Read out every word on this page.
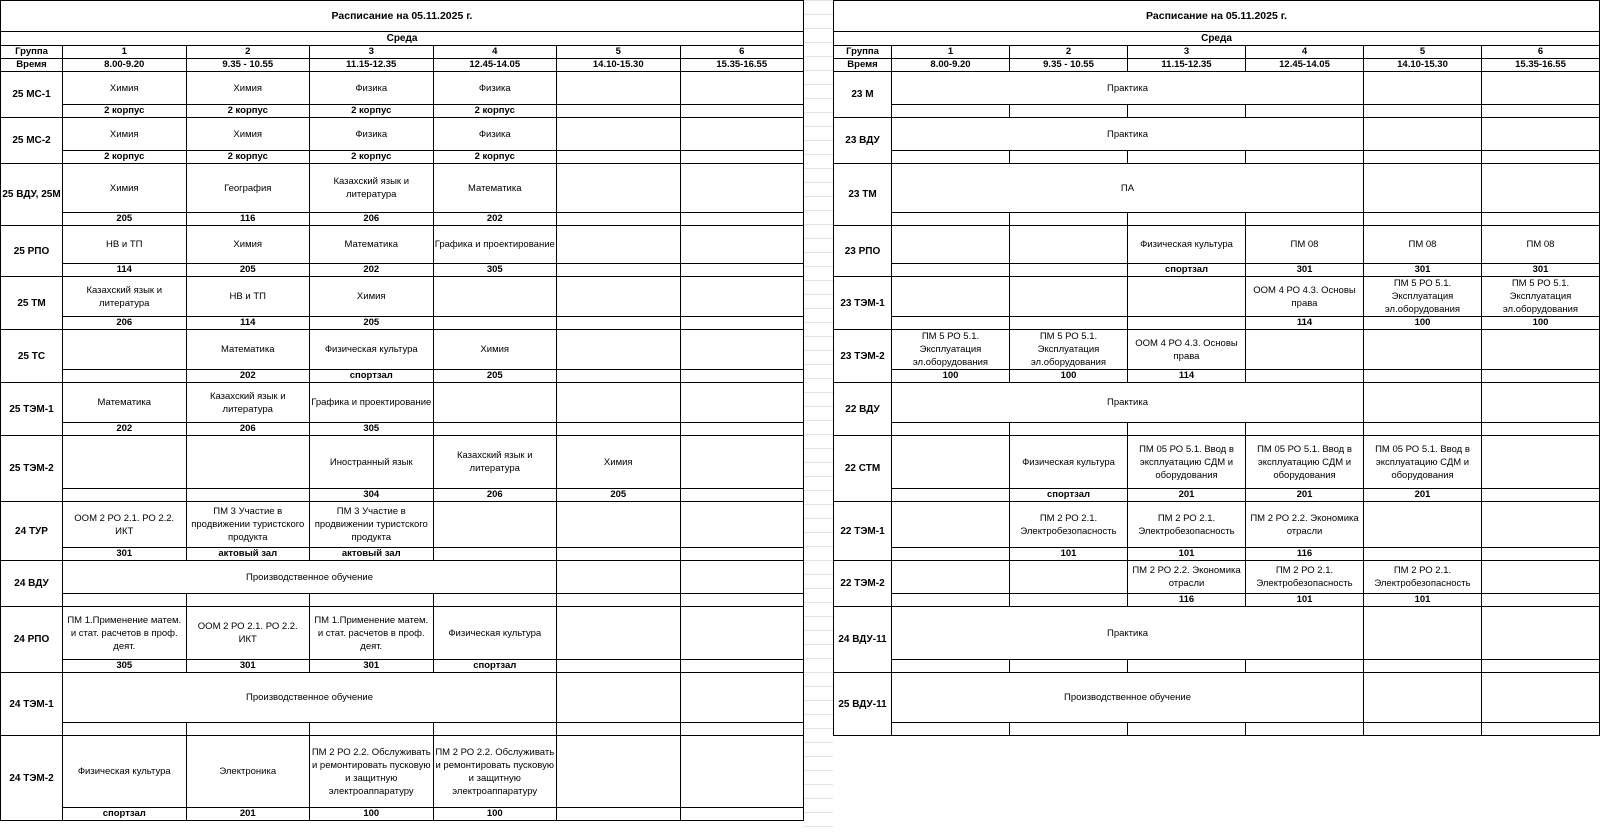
Расписание на 05.11.2025 г.						
Среда						
Группа	1	2	3	4	5	6
Время	8.00-9.20	9.35 - 10.55	11.15-12.35	12.45-14.05	14.10-15.30	15.35-16.55
25 МС-1	Химия	Химия	Физика	Физика		
	2 корпус	2 корпус	2 корпус	2 корпус		
25 МС-2	Химия	Химия	Физика	Физика		
	2 корпус	2 корпус	2 корпус	2 корпус		
25 ВДУ, 25М	Химия	География	Казахский язык и литература	Математика		
	205	116	206	202		
25 РПО	НВ и ТП	Химия	Математика	Графика и проектирование		
	114	205	202	305		
25 ТМ	Казахский язык и литература	НВ и ТП	Химия			
	206	114	205			
25 ТС		Математика	Физическая культура	Химия		
		202	спортзал	205		
25 ТЭМ-1	Математика	Казахский язык и литература	Графика и проектирование			
	202	206	305			
25 ТЭМ-2			Иностранный язык	Казахский язык и литература	Химия	
			304	206	205	
24 ТУР	ООМ 2 РО 2.1. РО 2.2. ИКТ	ПМ 3 Участие в продвижении туристского продукта	ПМ 3 Участие в продвижении туристского продукта			
	301	актовый зал	актовый зал			
24 ВДУ	Производственное обучение					

24 РПО	ПМ 1.Применение матем. и стат. расчетов в проф. деят.	ООМ 2 РО 2.1. РО 2.2. ИКТ	ПМ 1.Применение матем. и стат. расчетов в проф. деят.	Физическая культура		
	305	301	301	спортзал		
24 ТЭМ-1	Производственное обучение					

24 ТЭМ-2	Физическая культура	Электроника	ПМ 2 РО 2.2. Обслуживать и ремонтировать пусковую и защитную электроаппаратуру	ПМ 2 РО 2.2. Обслуживать и ремонтировать пусковую и защитную электроаппаратуру		
	спортзал	201	100	100		
Расписание на 05.11.2025 г.						
Среда						
Группа	1	2	3	4	5	6
Время	8.00-9.20	9.35 - 10.55	11.15-12.35	12.45-14.05	14.10-15.30	15.35-16.55
23 М	Практика					

23 ВДУ	Практика					

23 ТМ	ПА					

23 РПО			Физическая культура	ПМ 08	ПМ 08	ПМ 08
			спортзал	301	301	301
23 ТЭМ-1				ООМ 4 РО 4.3. Основы права	ПМ 5 РО 5.1. Эксплуатация эл.оборудования	ПМ 5 РО 5.1. Эксплуатация эл.оборудования
				114	100	100
23 ТЭМ-2	ПМ 5 РО 5.1. Эксплуатация эл.оборудования	ПМ 5 РО 5.1. Эксплуатация эл.оборудования	ООМ 4 РО 4.3. Основы права			
	100	100	114			
22 ВДУ	Практика					

22 СТМ		Физическая культура	ПМ 05 РО 5.1. Ввод в эксплуатацию СДМ и оборудования	ПМ 05 РО 5.1. Ввод в эксплуатацию СДМ и оборудования	ПМ 05 РО 5.1. Ввод в эксплуатацию СДМ и оборудования	
		спортзал	201	201	201	
22 ТЭМ-1		ПМ 2 РО 2.1. Электробезопасность	ПМ 2 РО 2.1. Электробезопасность	ПМ 2 РО 2.2. Экономика отрасли		
		101	101	116		
22 ТЭМ-2			ПМ 2 РО 2.2. Экономика отрасли	ПМ 2 РО 2.1. Электробезопасность	ПМ 2 РО 2.1. Электробезопасность	
			116	101	101	
24 ВДУ-11	Практика					

25 ВДУ-11	Производственное обучение					
